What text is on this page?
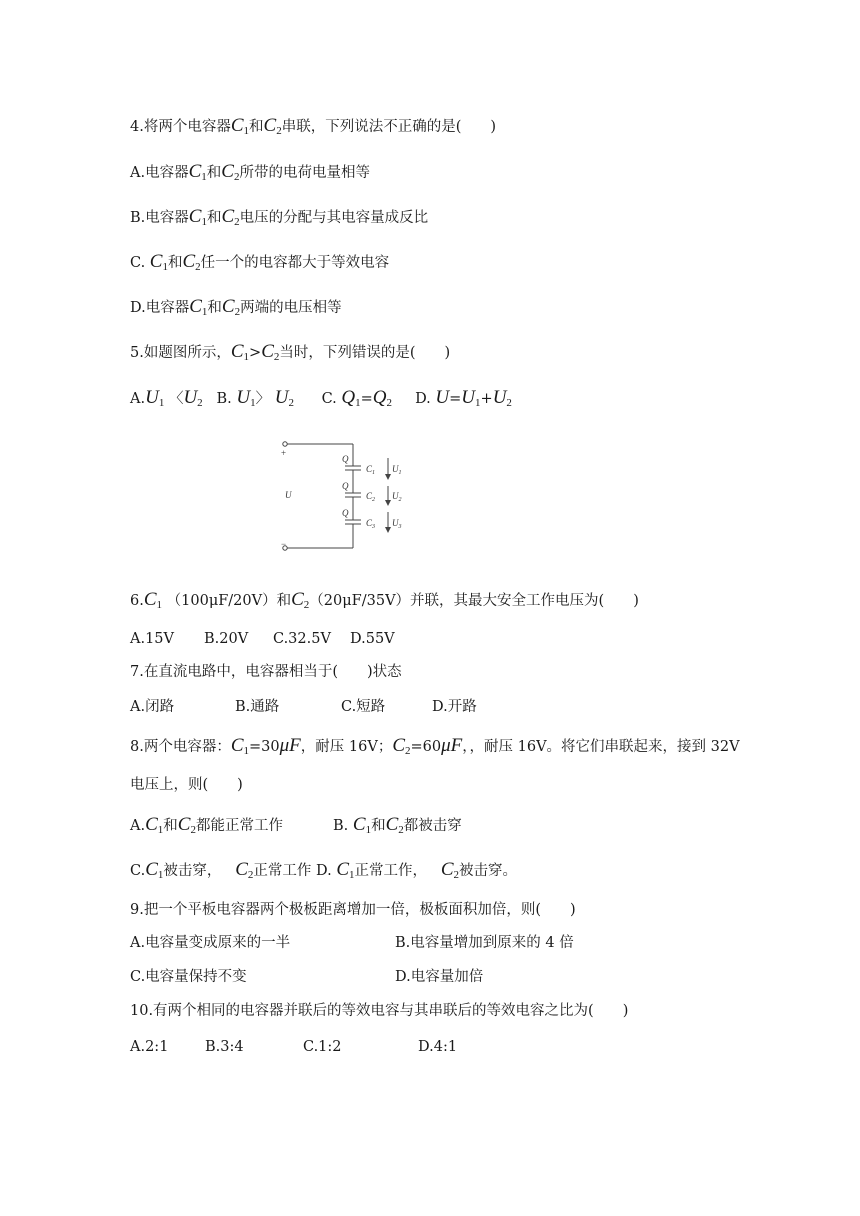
4.将两个电容器$C_1$和$C_2$串联，下列说法不正确的是(　　)
A.电容器$C_1$和$C_2$所带的电荷电量相等
B.电容器$C_1$和$C_2$电压的分配与其电容量成反比
C. $C_1$和$C_2$任一个的电容都大于等效电容
D.电容器$C_1$和$C_2$两端的电压相等
5.如题图所示，$C_1>C_2$当时，下列错误的是(　　)
$A.U_1$ 〈$U_2$ B. $U_1$〉 $U_2$ C. $Q_1=Q_2$ D. $U=U_1+U_2$
+
−
U
Q
Q
Q
$C_1$
$C_2$
$C_3$
$U_1$
$U_2$
$U_3$
$6.C_1$ （100μF/20V）和$C_2(20\mu F/35V)$并联，其最大安全工作电压为(　　)
A.15V B.20V C.32.5V D.55V
7.在直流电路中，电容器相当于(　　)状态
A.闭路	B.通路	C.短路	D.开路
8.两个电容器：$C_1=30\mu F$，耐压 16V；$C_2=60\mu F$，，耐压 16V。将它们串联起来，接到 32V
电压上，则(　　)
$A.C_1$和$C_2$都能正常工作	B. $C_1$和$C_2$都被击穿
$C.C_1$被击穿， $C_2$正常工作 D. $C_1$正常工作， $C_2$被击穿。
9.把一个平板电容器两个极板距离增加一倍，极板面积加倍，则(　　)
A.电容量变成原来的一半	B.电容量增加到原来的 4 倍
C.电容量保持不变	D.电容量加倍
10.有两个相同的电容器并联后的等效电容与其串联后的等效电容之比为(　　)
A.2:1	B.3:4	C.1:2	D.4:1
